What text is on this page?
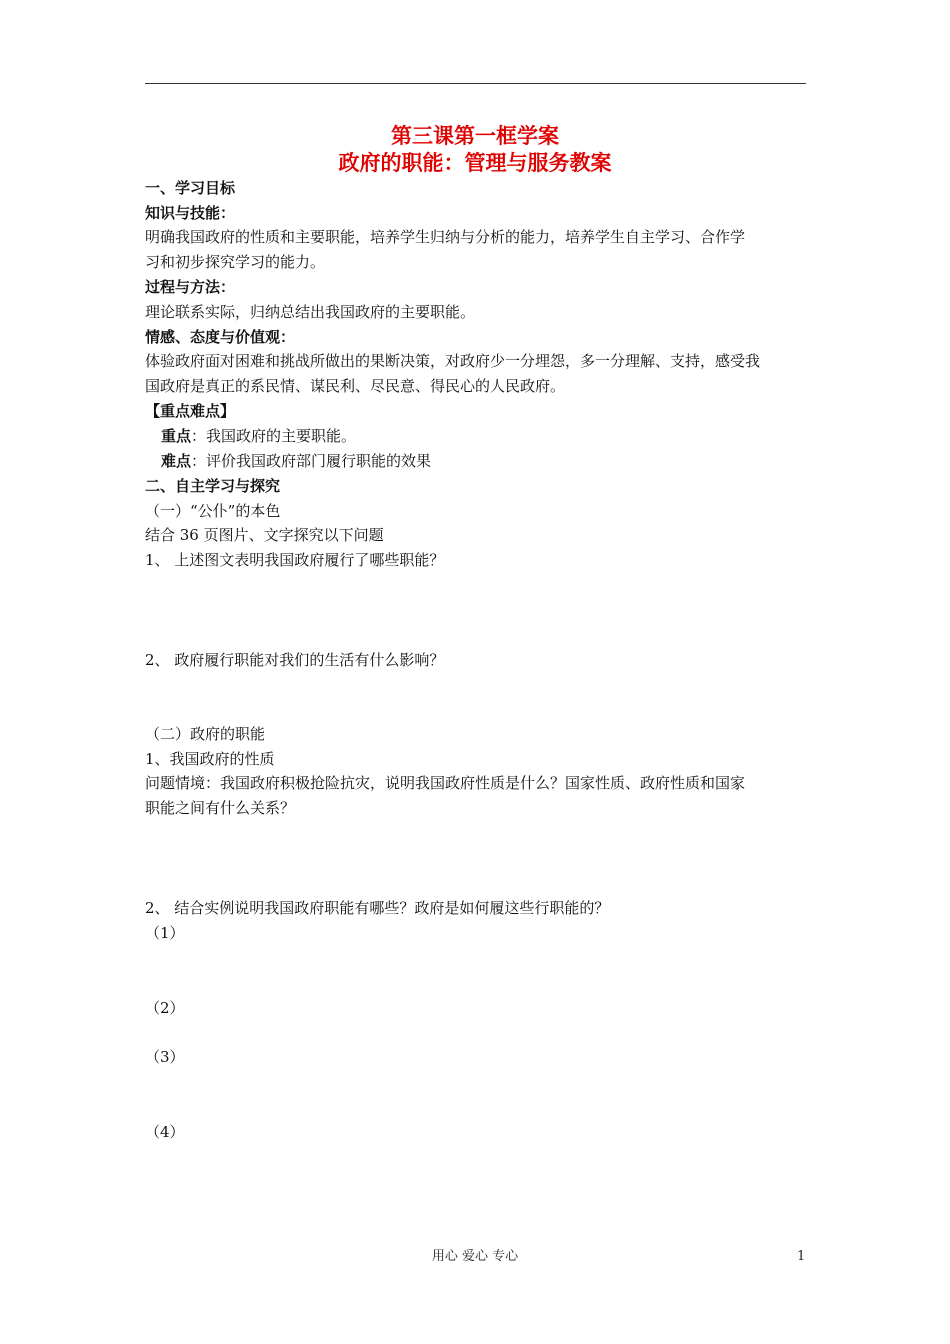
第三课第一框学案
政府的职能：管理与服务教案
一、学习目标
知识与技能：
明确我国政府的性质和主要职能，培养学生归纳与分析的能力，培养学生自主学习、合作学
习和初步探究学习的能力。
过程与方法：
理论联系实际，归纳总结出我国政府的主要职能。
情感、态度与价值观：
体验政府面对困难和挑战所做出的果断决策，对政府少一分埋怨，多一分理解、支持，感受我
国政府是真正的系民情、谋民利、尽民意、得民心的人民政府。
【重点难点】
重点：我国政府的主要职能。
难点：评价我国政府部门履行职能的效果
二、自主学习与探究
（一）“公仆”的本色
结合 36 页图片、文字探究以下问题
1、 上述图文表明我国政府履行了哪些职能？
2、 政府履行职能对我们的生活有什么影响？
（二）政府的职能
1、我国政府的性质
问题情境：我国政府积极抢险抗灾，说明我国政府性质是什么？国家性质、政府性质和国家
职能之间有什么关系？
2、 结合实例说明我国政府职能有哪些？政府是如何履这些行职能的？
（1）
（2）
（3）
（4）
用心 爱心 专心	1
